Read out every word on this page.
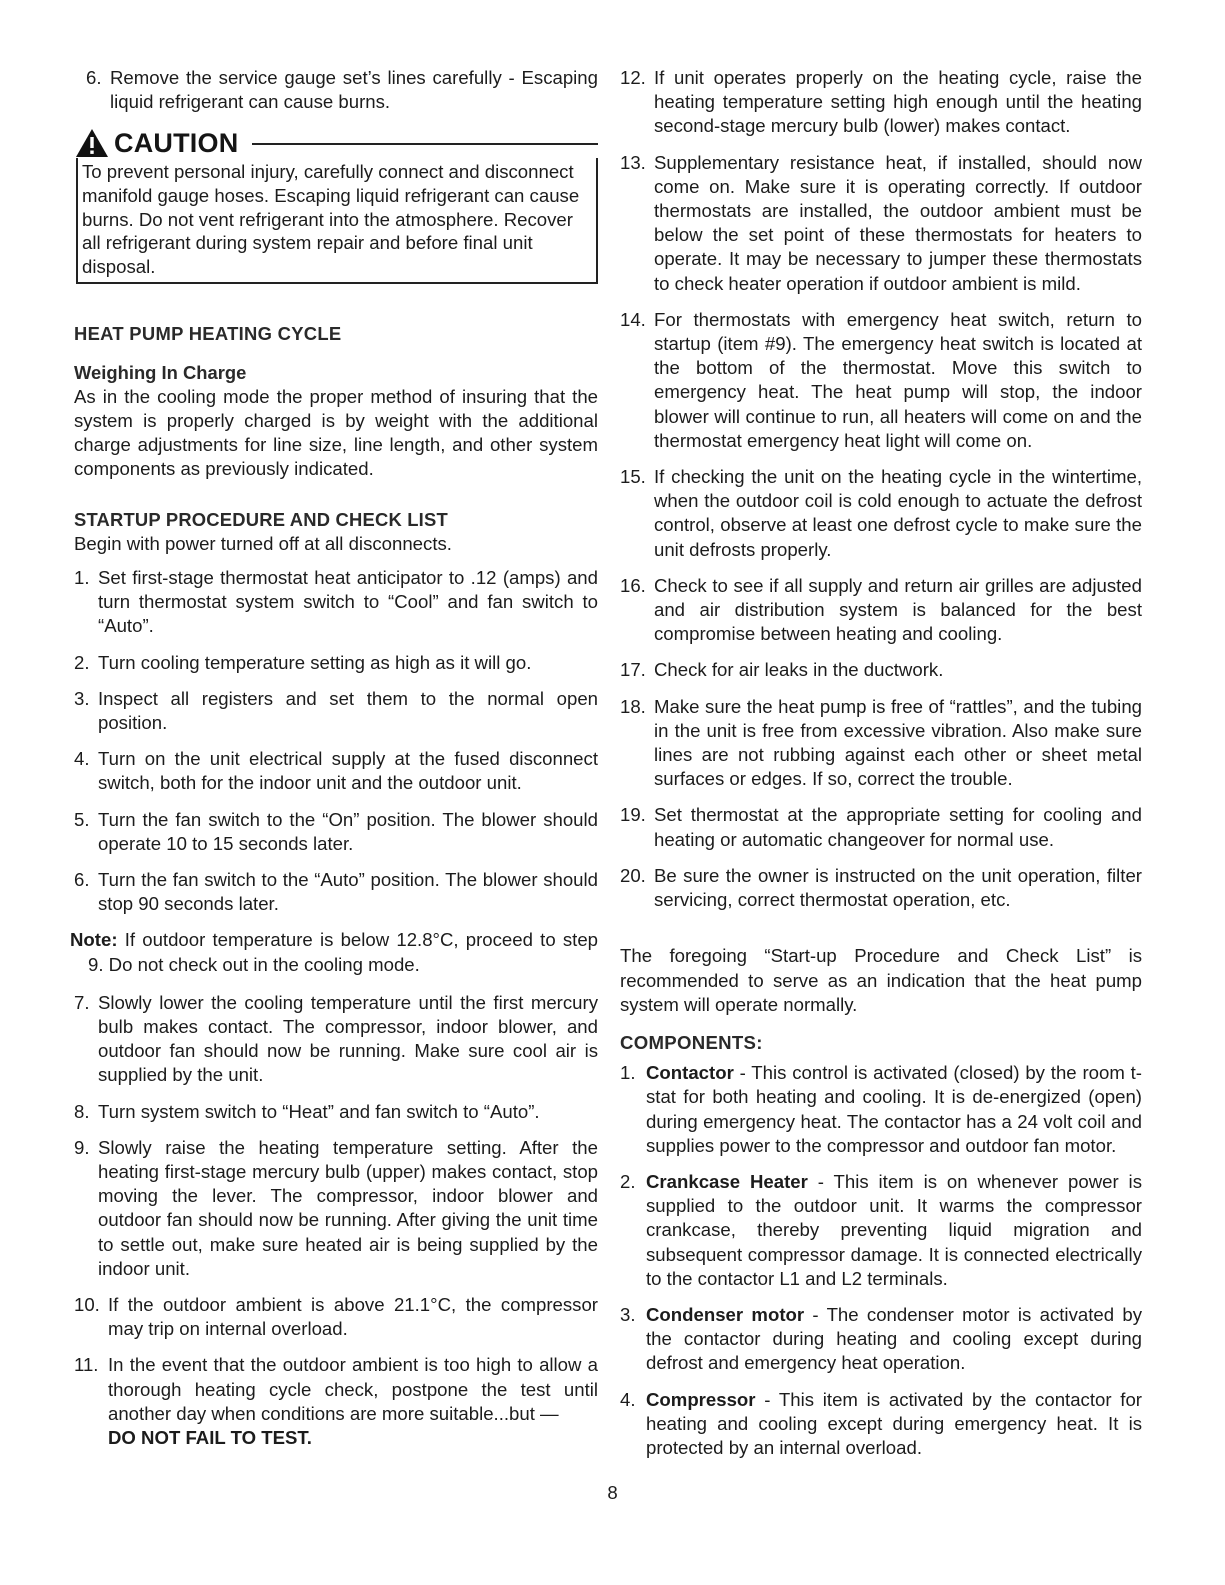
6. Remove the service gauge set’s lines carefully - Escaping liquid refrigerant can cause burns.
CAUTION

To prevent personal injury, carefully connect and disconnect manifold gauge hoses. Escaping liquid refrigerant can cause burns. Do not vent refrigerant into the atmosphere. Recover all refrigerant during system repair and before final unit disposal.

HEAT PUMP HEATING CYCLE

Weighing In Charge

As in the cooling mode the proper method of insuring that the system is properly charged is by weight with the additional charge adjustments for line size, line length, and other system components as previously indicated.

STARTUP PROCEDURE AND CHECK LIST

Begin with power turned off at all disconnects.

1. Set first-stage thermostat heat anticipator to .12 (amps) and turn thermostat system switch to “Cool” and fan switch to “Auto”.
2. Turn cooling temperature setting as high as it will go.
3. Inspect all registers and set them to the normal open position.
4. Turn on the unit electrical supply at the fused disconnect switch, both for the indoor unit and the outdoor unit.
5. Turn the fan switch to the “On” position. The blower should operate 10 to 15 seconds later.
6. Turn the fan switch to the “Auto” position. The blower should stop 90 seconds later.

Note: If outdoor temperature is below 12.8°C, proceed to step 9. Do not check out in the cooling mode.

7. Slowly lower the cooling temperature until the first mercury bulb makes contact. The compressor, indoor blower, and outdoor fan should now be running. Make sure cool air is supplied by the unit.
8. Turn system switch to “Heat” and fan switch to “Auto”.
9. Slowly raise the heating temperature setting. After the heating first-stage mercury bulb (upper) makes contact, stop moving the lever. The compressor, indoor blower and outdoor fan should now be running. After giving the unit time to settle out, make sure heated air is being supplied by the indoor unit.
10. If the outdoor ambient is above 21.1°C, the compressor may trip on internal overload.
11. In the event that the outdoor ambient is too high to allow a thorough heating cycle check, postpone the test until another day when conditions are more suitable...but —
DO NOT FAIL TO TEST.
12. If unit operates properly on the heating cycle, raise the heating temperature setting high enough until the heating second-stage mercury bulb (lower) makes contact.
13. Supplementary resistance heat, if installed, should now come on. Make sure it is operating correctly. If outdoor thermostats are installed, the outdoor ambient must be below the set point of these thermostats for heaters to operate. It may be necessary to jumper these thermostats to check heater operation if outdoor ambient is mild.
14. For thermostats with emergency heat switch, return to startup (item #9). The emergency heat switch is located at the bottom of the thermostat. Move this switch to emergency heat. The heat pump will stop, the indoor blower will continue to run, all heaters will come on and the thermostat emergency heat light will come on.
15. If checking the unit on the heating cycle in the wintertime, when the outdoor coil is cold enough to actuate the defrost control, observe at least one defrost cycle to make sure the unit defrosts properly.
16. Check to see if all supply and return air grilles are adjusted and air distribution system is balanced for the best compromise between heating and cooling.
17. Check for air leaks in the ductwork.
18. Make sure the heat pump is free of “rattles”, and the tubing in the unit is free from excessive vibration. Also make sure lines are not rubbing against each other or sheet metal surfaces or edges. If so, correct the trouble.
19. Set thermostat at the appropriate setting for cooling and heating or automatic changeover for normal use.
20. Be sure the owner is instructed on the unit operation, filter servicing, correct thermostat operation, etc.

The foregoing “Start-up Procedure and Check List” is recommended to serve as an indication that the heat pump system will operate normally.

COMPONENTS:

1. Contactor - This control is activated (closed) by the room t-stat for both heating and cooling. It is de-energized (open) during emergency heat. The contactor has a 24 volt coil and supplies power to the compressor and outdoor fan motor.
2. Crankcase Heater - This item is on whenever power is supplied to the outdoor unit. It warms the compressor crankcase, thereby preventing liquid migration and subsequent compressor damage. It is connected electrically to the contactor L1 and L2 terminals.
3. Condenser motor - The condenser motor is activated by the contactor during heating and cooling except during defrost and emergency heat operation.
4. Compressor - This item is activated by the contactor for heating and cooling except during emergency heat. It is protected by an internal overload.
8
